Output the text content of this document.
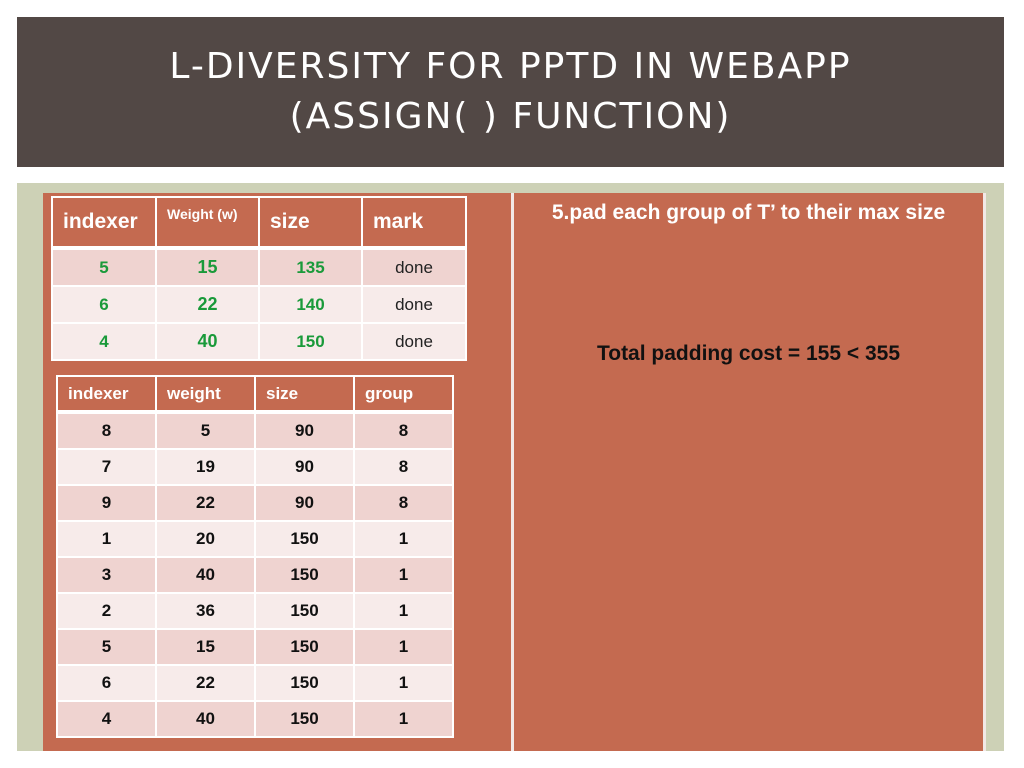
L-DIVERSITY FOR PPTD IN WEBAPP
(ASSIGN( ) FUNCTION)
indexer	Weight (w)	size	mark
5	15	135	done
6	22	140	done
4	40	150	done
indexer	weight	size	group
8	5	90	8
7	19	90	8
9	22	90	8
1	20	150	1
3	40	150	1
2	36	150	1
5	15	150	1
6	22	150	1
4	40	150	1
5.pad each group of T’ to their max size
Total padding cost = 155 < 355
